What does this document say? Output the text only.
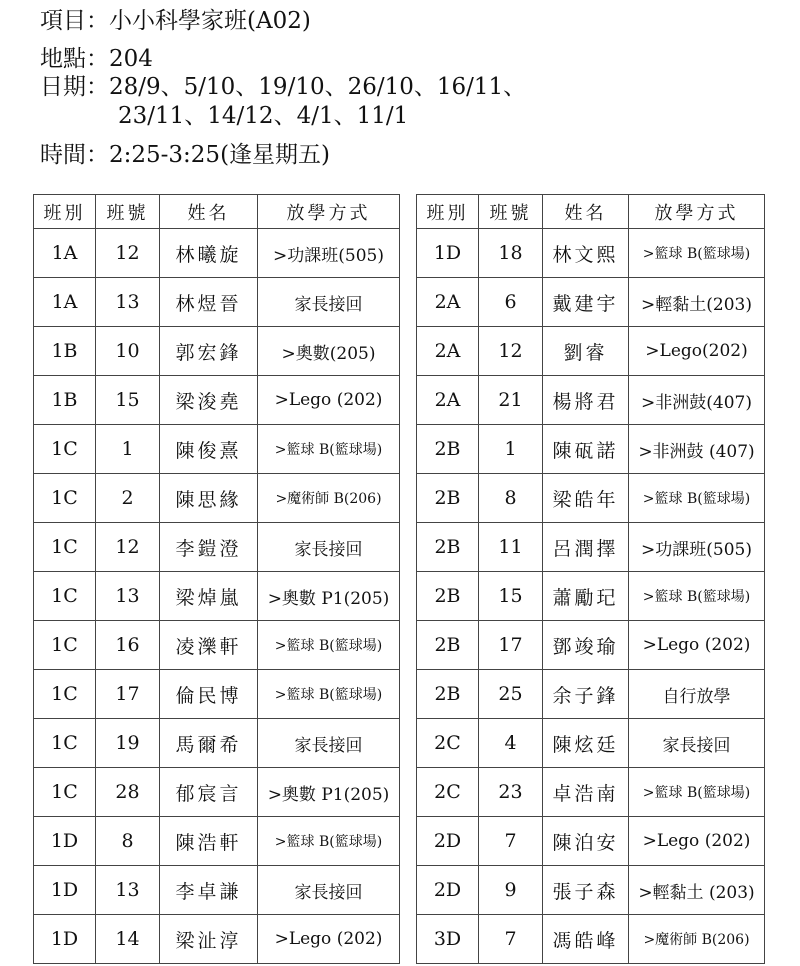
項目：小小科學家班(A02)
地點：204
日期：28/9、5/10、19/10、26/10、16/11、
23/11、14/12、4/1、11/1
時間：2:25-3:25(逢星期五)
班別	班號	姓名	放學方式
1A	12	林曦旋	>功課班(505)
1A	13	林煜晉	家長接回
1B	10	郭宏鋒	>奧數(205)
1B	15	梁浚堯	>Lego (202)
1C	1	陳俊熹	>籃球 B(籃球場)
1C	2	陳思緣	>魔術師 B(206)
1C	12	李鎧澄	家長接回
1C	13	梁焯嵐	>奧數 P1(205)
1C	16	凌濼軒	>籃球 B(籃球場)
1C	17	倫民博	>籃球 B(籃球場)
1C	19	馬爾希	家長接回
1C	28	郁宸言	>奧數 P1(205)
1D	8	陳浩軒	>籃球 B(籃球場)
1D	13	李卓謙	家長接回
1D	14	梁沚淳	>Lego (202)
班別	班號	姓名	放學方式
1D	18	林文熙	>籃球 B(籃球場)
2A	6	戴建宇	>輕黏土(203)
2A	12	劉睿	>Lego(202)
2A	21	楊將君	>非洲鼓(407)
2B	1	陳砙諾	>非洲鼓 (407)
2B	8	梁皓年	>籃球 B(籃球場)
2B	11	呂潤擇	>功課班(505)
2B	15	蕭勵玘	>籃球 B(籃球場)
2B	17	鄧竣瑜	>Lego (202)
2B	25	余子鋒	自行放學
2C	4	陳炫廷	家長接回
2C	23	卓浩南	>籃球 B(籃球場)
2D	7	陳泊安	>Lego (202)
2D	9	張子森	>輕黏土 (203)
3D	7	馮皓峰	>魔術師 B(206)
